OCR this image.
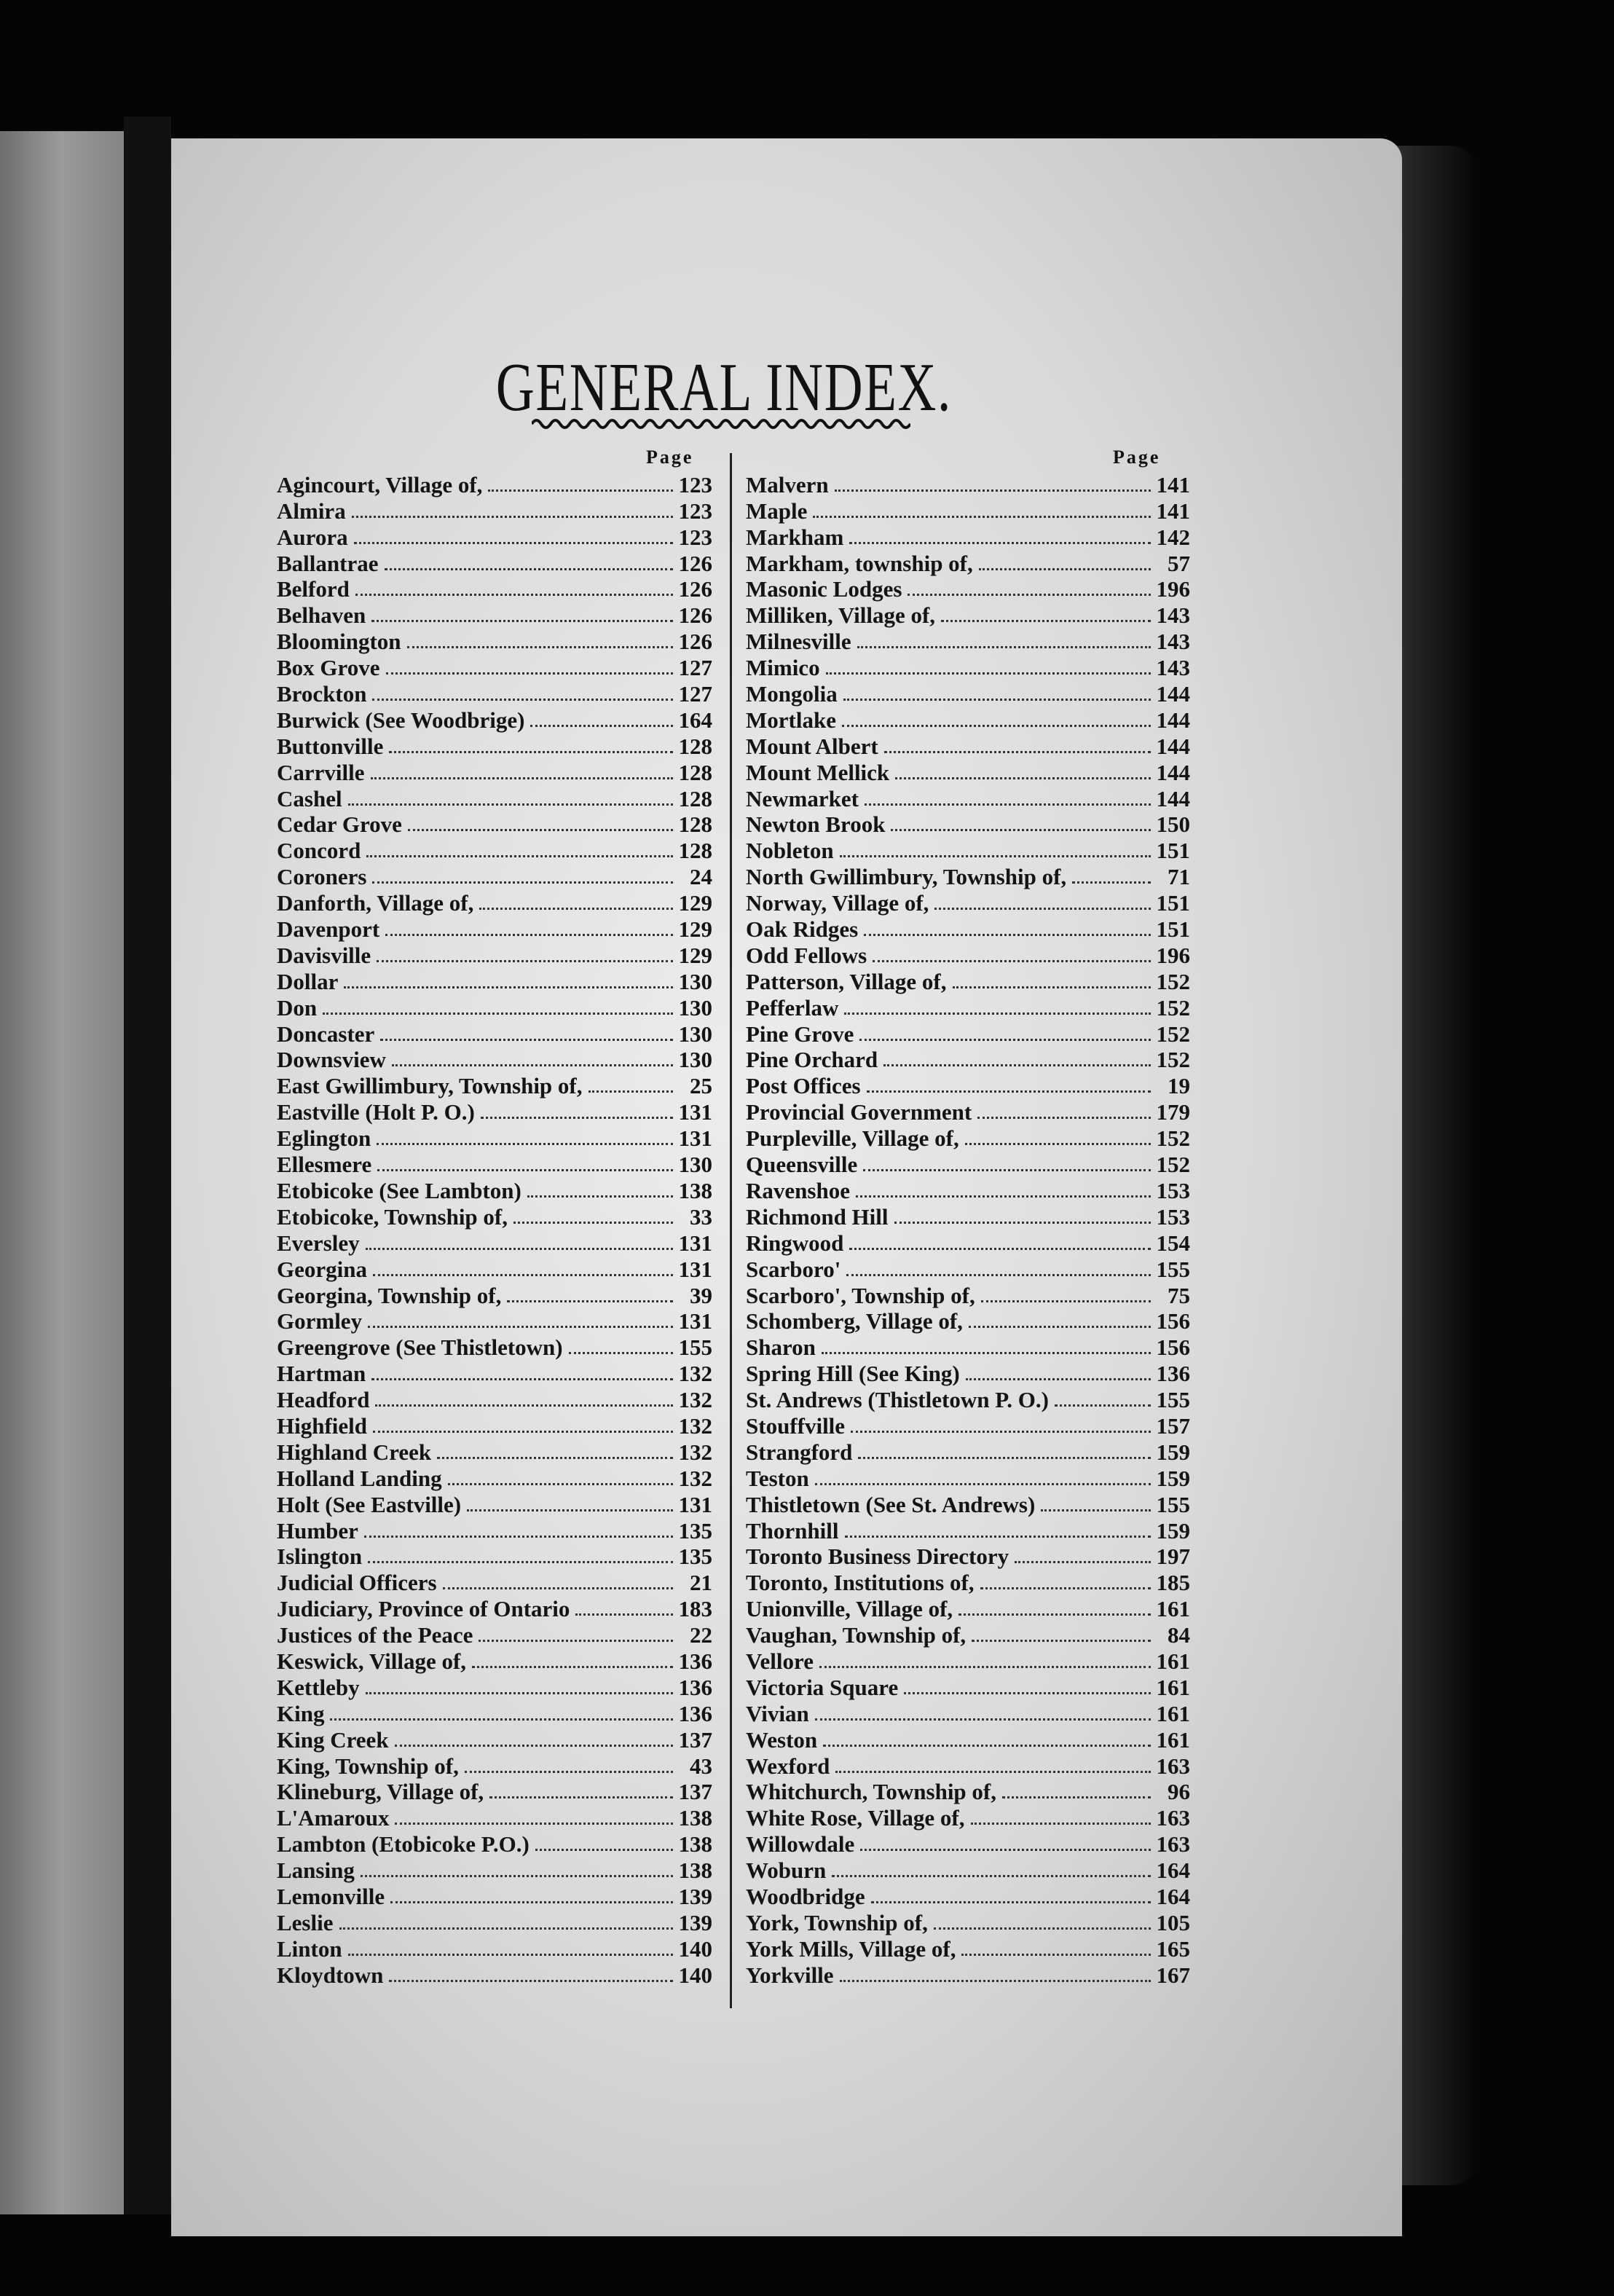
GENERAL INDEX.
Page	Page
Agincourt, Village of,	123
Almira	123
Aurora	123
Ballantrae	126
Belford	126
Belhaven	126
Bloomington	126
Box Grove	127
Brockton	127
Burwick (See Woodbrige)	164
Buttonville	128
Carrville	128
Cashel	128
Cedar Grove	128
Concord	128
Coroners	24
Danforth, Village of,	129
Davenport	129
Davisville	129
Dollar	130
Don	130
Doncaster	130
Downsview	130
East Gwillimbury, Township of,	25
Eastville (Holt P. O.)	131
Eglington	131
Ellesmere	130
Etobicoke (See Lambton)	138
Etobicoke, Township of,	33
Eversley	131
Georgina	131
Georgina, Township of,	39
Gormley	131
Greengrove (See Thistletown)	155
Hartman	132
Headford	132
Highfield	132
Highland Creek	132
Holland Landing	132
Holt (See Eastville)	131
Humber	135
Islington	135
Judicial Officers	21
Judiciary, Province of Ontario	183
Justices of the Peace	22
Keswick, Village of,	136
Kettleby	136
King	136
King Creek	137
King, Township of,	43
Klineburg, Village of,	137
L'Amaroux	138
Lambton (Etobicoke P.O.)	138
Lansing	138
Lemonville	139
Leslie	139
Linton	140
Kloydtown	140
Malvern	141
Maple	141
Markham	142
Markham, township of,	57
Masonic Lodges	196
Milliken, Village of,	143
Milnesville	143
Mimico	143
Mongolia	144
Mortlake	144
Mount Albert	144
Mount Mellick	144
Newmarket	144
Newton Brook	150
Nobleton	151
North Gwillimbury, Township of,	71
Norway, Village of,	151
Oak Ridges	151
Odd Fellows	196
Patterson, Village of,	152
Pefferlaw	152
Pine Grove	152
Pine Orchard	152
Post Offices	19
Provincial Government	179
Purpleville, Village of,	152
Queensville	152
Ravenshoe	153
Richmond Hill	153
Ringwood	154
Scarboro'	155
Scarboro', Township of,	75
Schomberg, Village of,	156
Sharon	156
Spring Hill (See King)	136
St. Andrews (Thistletown P. O.)	155
Stouffville	157
Strangford	159
Teston	159
Thistletown (See St. Andrews)	155
Thornhill	159
Toronto Business Directory	197
Toronto, Institutions of,	185
Unionville, Village of,	161
Vaughan, Township of,	84
Vellore	161
Victoria Square	161
Vivian	161
Weston	161
Wexford	163
Whitchurch, Township of,	96
White Rose, Village of,	163
Willowdale	163
Woburn	164
Woodbridge	164
York, Township of,	105
York Mills, Village of,	165
Yorkville	167
